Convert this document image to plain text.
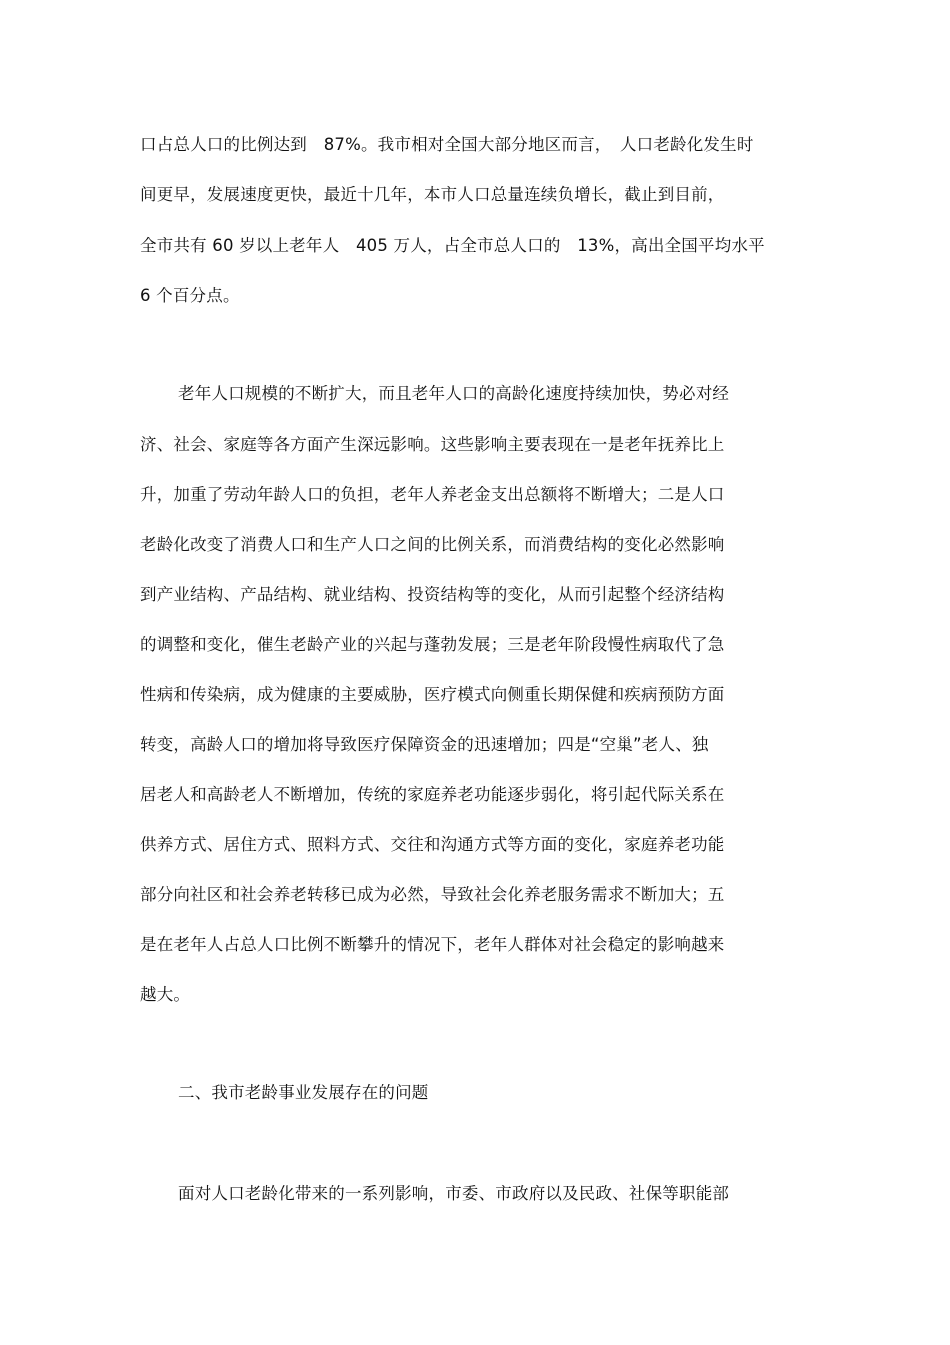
口占总人口的比例达到　87%。我市相对全国大部分地区而言，　人口老龄化发生时
间更早，发展速度更快，最近十几年，本市人口总量连续负增长，截止到目前，
全市共有 60 岁以上老年人　405 万人，占全市总人口的　13%，高出全国平均水平
6 个百分点。
老年人口规模的不断扩大，而且老年人口的高龄化速度持续加快，势必对经
济、社会、家庭等各方面产生深远影响。这些影响主要表现在一是老年抚养比上
升，加重了劳动年龄人口的负担，老年人养老金支出总额将不断增大；二是人口
老龄化改变了消费人口和生产人口之间的比例关系，而消费结构的变化必然影响
到产业结构、产品结构、就业结构、投资结构等的变化，从而引起整个经济结构
的调整和变化，催生老龄产业的兴起与蓬勃发展；三是老年阶段慢性病取代了急
性病和传染病，成为健康的主要威胁，医疗模式向侧重长期保健和疾病预防方面
转变，高龄人口的增加将导致医疗保障资金的迅速增加；四是“空巢”老人、独
居老人和高龄老人不断增加，传统的家庭养老功能逐步弱化，将引起代际关系在
供养方式、居住方式、照料方式、交往和沟通方式等方面的变化，家庭养老功能
部分向社区和社会养老转移已成为必然，导致社会化养老服务需求不断加大；五
是在老年人占总人口比例不断攀升的情况下，老年人群体对社会稳定的影响越来
越大。
二、我市老龄事业发展存在的问题
面对人口老龄化带来的一系列影响，市委、市政府以及民政、社保等职能部
